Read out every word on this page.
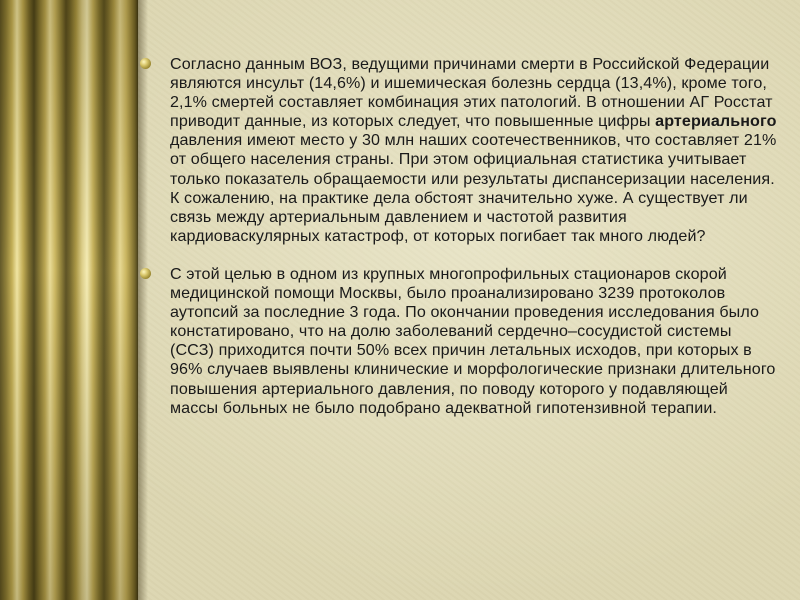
Согласно данным ВОЗ, ведущими причинами смерти в Российской Федерации являются инсульт (14,6%) и ишемическая болезнь сердца (13,4%), кроме того, 2,1% смертей составляет комбинация этих патологий. В отношении АГ Росстат приводит данные, из которых следует, что повышенные цифры артериального давления имеют место у 30 млн наших соотечественников, что составляет 21% от общего населения страны. При этом официальная статистика учитывает только показатель обращаемости или результаты диспансеризации населения. К сожалению, на практике дела обстоят значительно хуже. А существует ли связь между артериальным давлением и частотой развития кардиоваскулярных катастроф, от которых погибает так много людей?

С этой целью в одном из крупных многопрофильных стационаров скорой медицинской помощи Москвы, было проанализировано 3239 протоколов аутопсий за последние 3 года. По окончании проведения исследования было констатировано, что на долю заболеваний сердечно–сосудистой системы (ССЗ) приходится почти 50% всех причин летальных исходов, при которых в 96% случаев выявлены клинические и морфологические признаки длительного повышения артериального давления, по поводу которого у подавляющей массы больных не было подобрано адекватной гипотензивной терапии.
